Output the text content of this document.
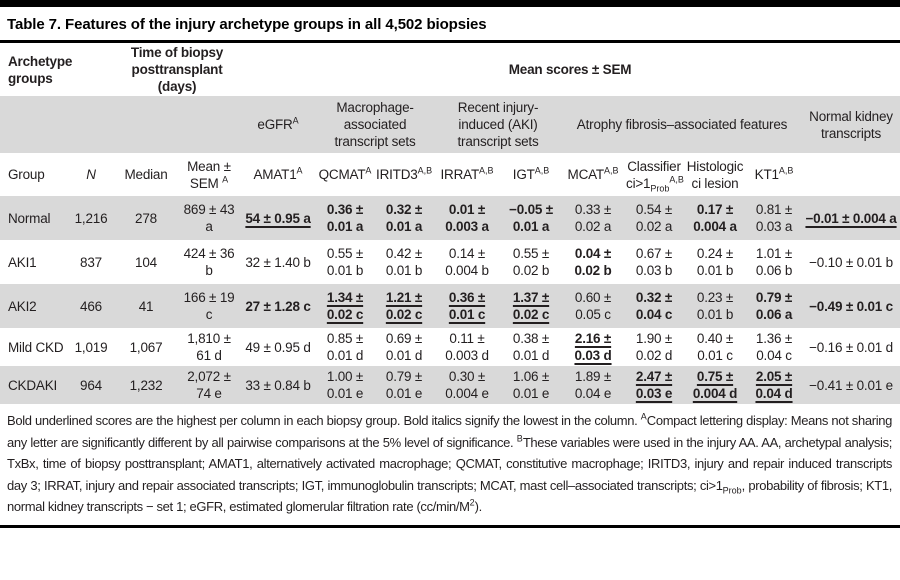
Table 7. Features of the injury archetype groups in all 4,502 biopsies
Archetype groups		Time of biopsy posttransplant (days)		Mean scores ± SEM									
				eGFR$^A$	Macrophage-associated transcript sets		Recent injury-induced (AKI) transcript sets		Atrophy fibrosis–associated features				Normal kidney transcripts
Group	N	Median	Mean ± SEM $^A$	$AMAT1^A$	$QCMAT^A$	$IRITD3^{A,B}$	$IRRAT^{A,B}$	$IGT^{A,B}$	$MCAT^{A,B}$	Classifier $ci>1_{Prob}^{A,B}$	Histologic ci lesion	$KT1^{A,B}$	
Normal	1,216	278	869 ± 43 a	54 ± 0.95 a	0.36 ± 0.01 a	0.32 ± 0.01 a	0.01 ± 0.003 a	−0.05 ± 0.01 a	0.33 ± 0.02 a	0.54 ± 0.02 a	0.17 ± 0.004 a	0.81 ± 0.03 a	−0.01 ± 0.004 a
AKI1	837	104	424 ± 36 b	32 ± 1.40 b	0.55 ± 0.01 b	0.42 ± 0.01 b	0.14 ± 0.004 b	0.55 ± 0.02 b	0.04 ± 0.02 b	0.67 ± 0.03 b	0.24 ± 0.01 b	1.01 ± 0.06 b	−0.10 ± 0.01 b
AKI2	466	41	166 ± 19 c	27 ± 1.28 c	1.34 ± 0.02 c	1.21 ± 0.02 c	0.36 ± 0.01 c	1.37 ± 0.02 c	0.60 ± 0.05 c	0.32 ± 0.04 c	0.23 ± 0.01 b	0.79 ± 0.06 a	−0.49 ± 0.01 c
Mild CKD	1,019	1,067	1,810 ± 61 d	49 ± 0.95 d	0.85 ± 0.01 d	0.69 ± 0.01 d	0.11 ± 0.003 d	0.38 ± 0.01 d	2.16 ± 0.03 d	1.90 ± 0.02 d	0.40 ± 0.01 c	1.36 ± 0.04 c	−0.16 ± 0.01 d
CKDAKI	964	1,232	2,072 ± 74 e	33 ± 0.84 b	1.00 ± 0.01 e	0.79 ± 0.01 e	0.30 ± 0.004 e	1.06 ± 0.01 e	1.89 ± 0.04 e	2.47 ± 0.03 e	0.75 ± 0.004 d	2.05 ± 0.04 d	−0.41 ± 0.01 e
Bold underlined scores are the highest per column in each biopsy group. Bold italics signify the lowest in the column. $^A$Compact lettering display: Means not sharing any letter are significantly different by all pairwise comparisons at the 5% level of significance. $^B$These variables were used in the injury AA. AA, archetypal analysis; TxBx, time of biopsy posttransplant; AMAT1, alternatively activated macrophage; QCMAT, constitutive macrophage; IRITD3, injury and repair induced transcripts day 3; IRRAT, injury and repair associated transcripts; IGT, immunoglobulin transcripts; MCAT, mast cell–associated transcripts; $ci>1_{Prob}$, probability of fibrosis; KT1, normal kidney transcripts − set 1; eGFR, estimated glomerular filtration rate $(cc/\min/M^2)$.
